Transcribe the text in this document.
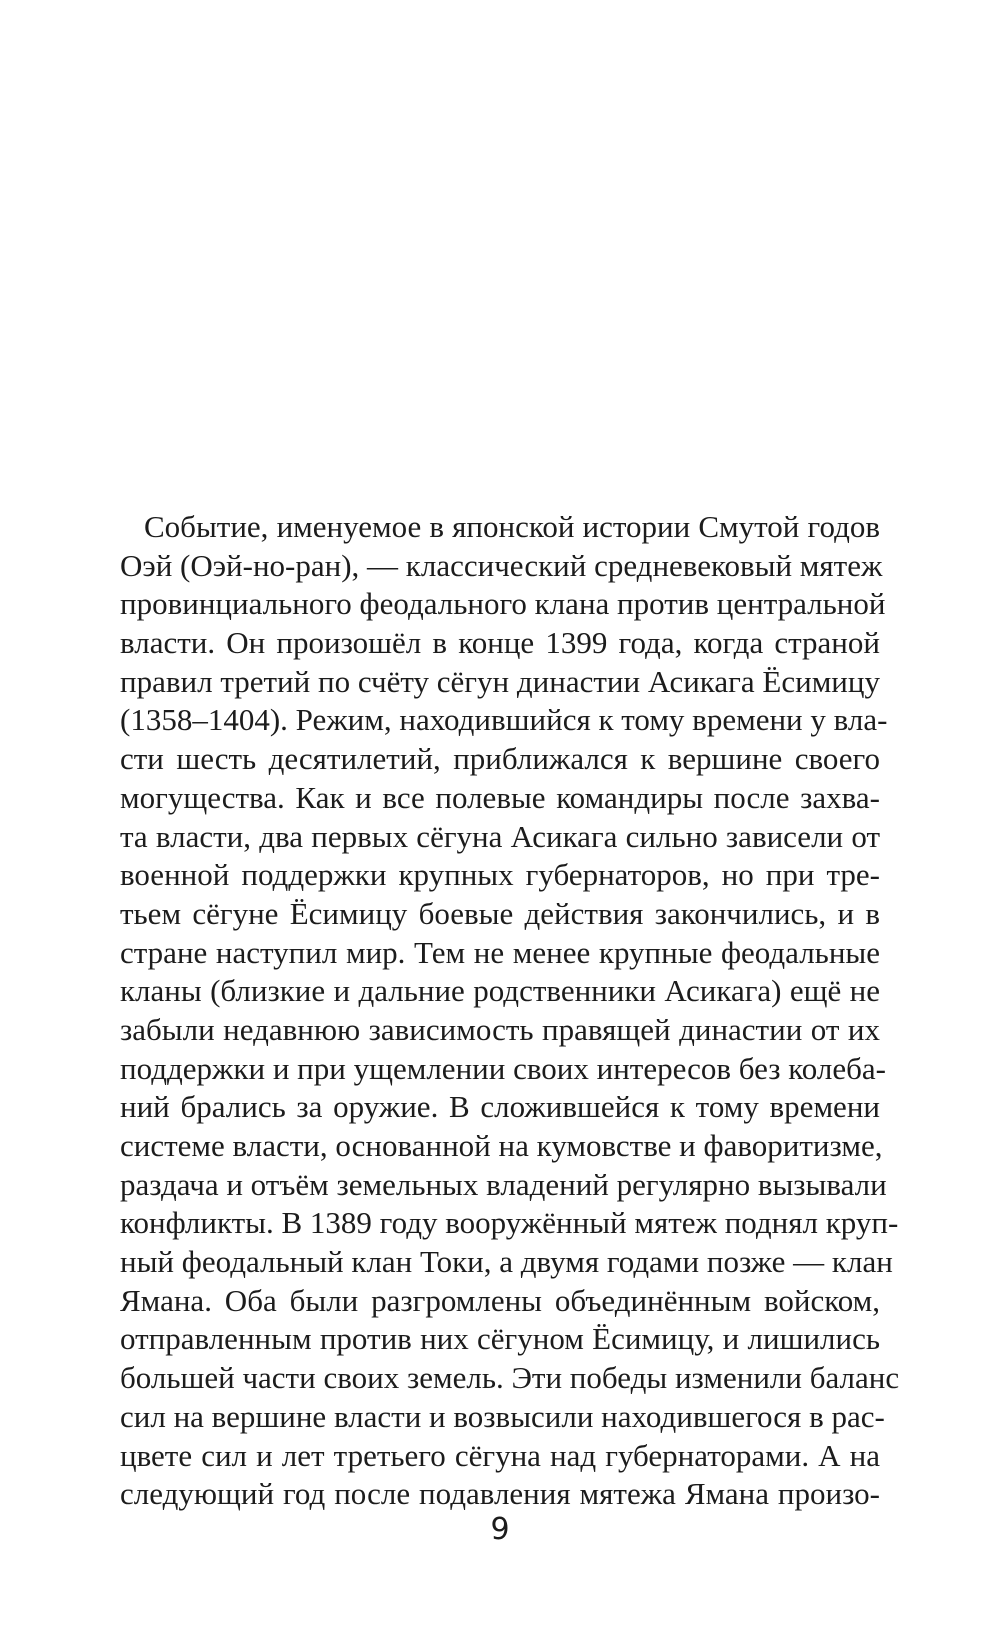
Событие, именуемое в японской истории Смутой годов
Оэй (Оэй-но-ран), — классический средневековый мятеж
провинциального феодального клана против центральной
власти. Он произошёл в конце 1399 года, когда страной
правил третий по счёту сёгун династии Асикага Ёсимицу
(1358–1404). Режим, находившийся к тому времени у вла-
сти шесть десятилетий, приближался к вершине своего
могущества. Как и все полевые командиры после захва-
та власти, два первых сёгуна Асикага сильно зависели от
военной поддержки крупных губернаторов, но при тре-
тьем сёгуне Ёсимицу боевые действия закончились, и в
стране наступил мир. Тем не менее крупные феодальные
кланы (близкие и дальние родственники Асикага) ещё не
забыли недавнюю зависимость правящей династии от их
поддержки и при ущемлении своих интересов без колеба-
ний брались за оружие. В сложившейся к тому времени
системе власти, основанной на кумовстве и фаворитизме,
раздача и отъём земельных владений регулярно вызывали
конфликты. В 1389 году вооружённый мятеж поднял круп-
ный феодальный клан Токи, а двумя годами позже — клан
Ямана. Оба были разгромлены объединённым войском,
отправленным против них сёгуном Ёсимицу, и лишились
большей части своих земель. Эти победы изменили баланс
сил на вершине власти и возвысили находившегося в рас-
цвете сил и лет третьего сёгуна над губернаторами. А на
следующий год после подавления мятежа Ямана произо-
9
